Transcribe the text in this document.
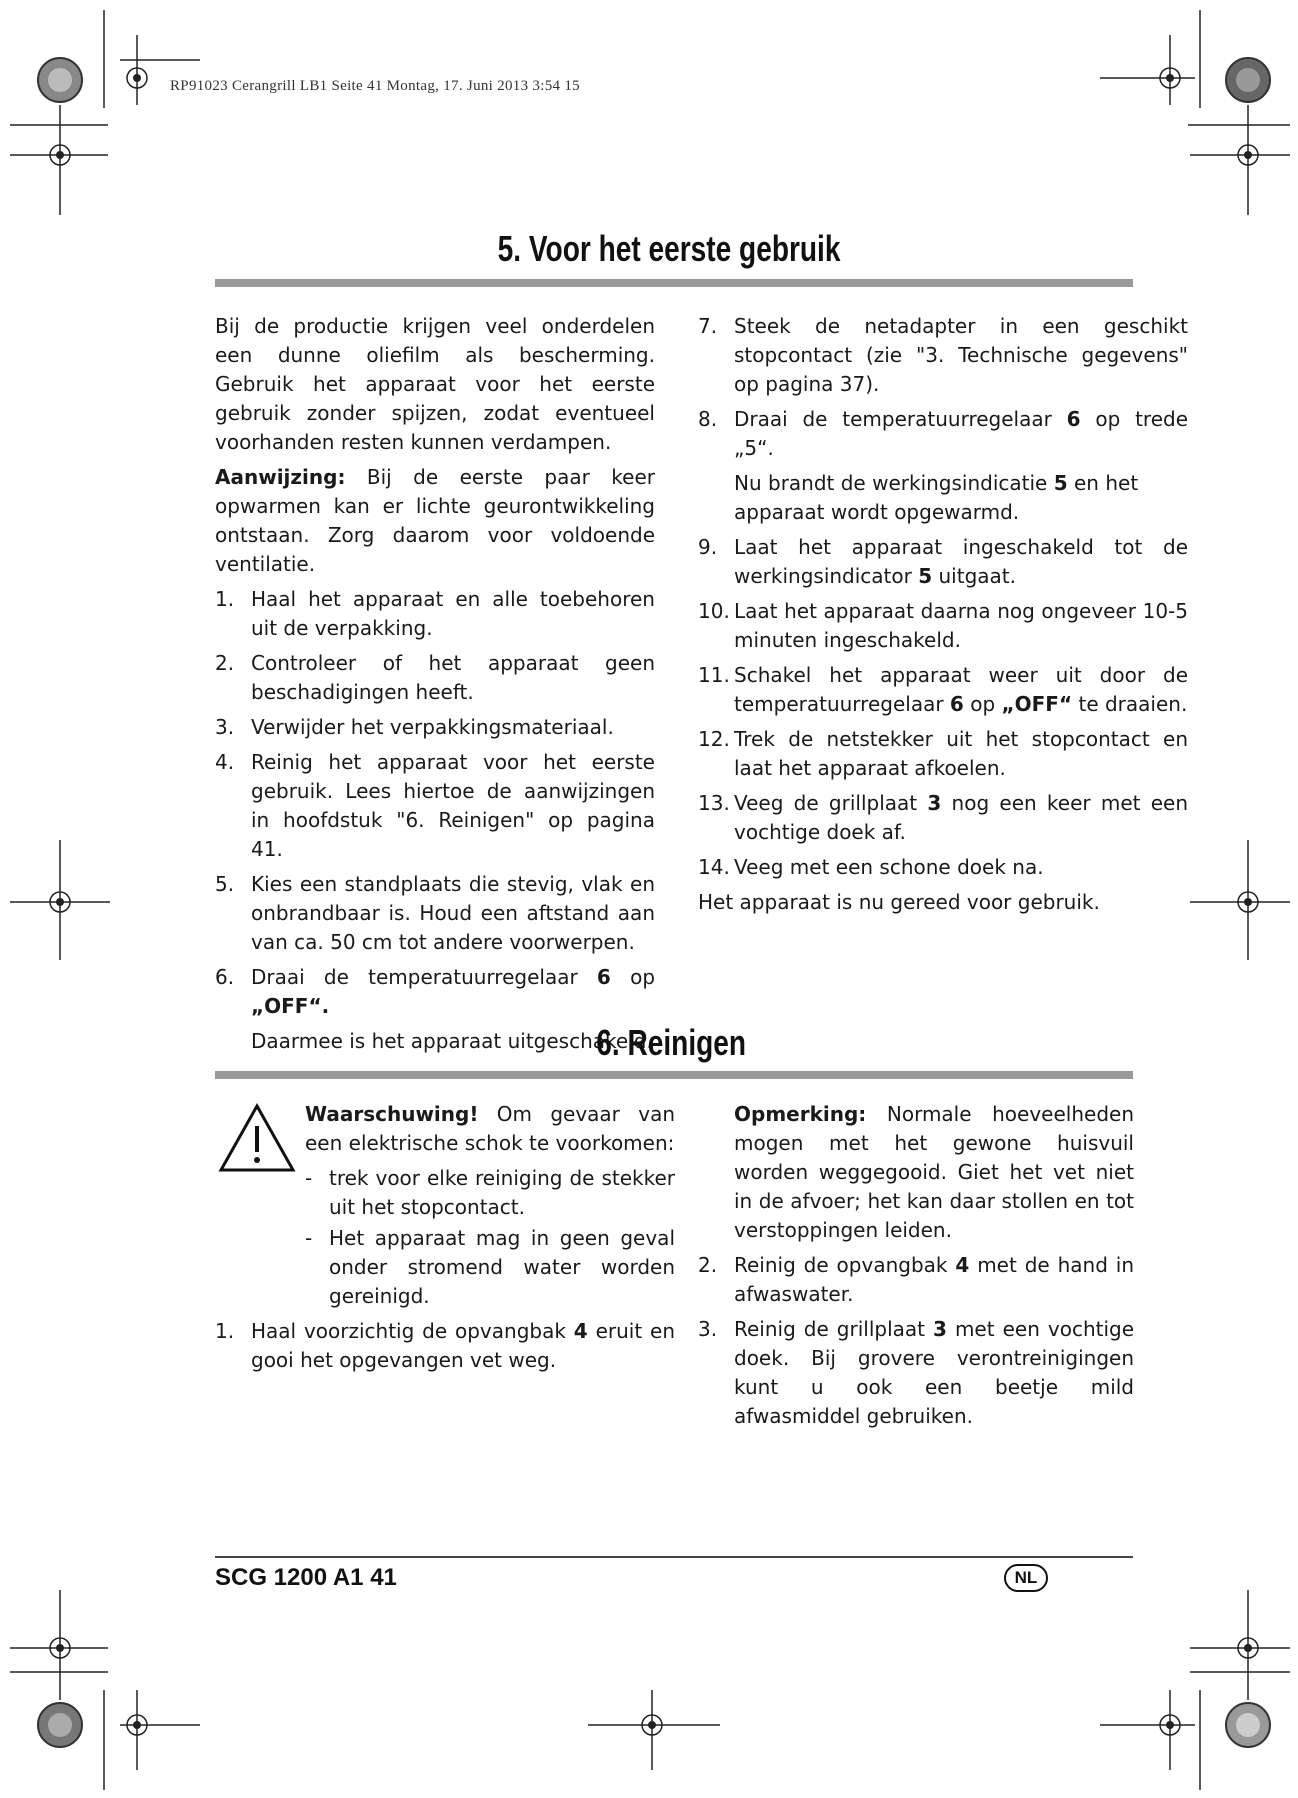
RP91023 Cerangrill LB1 Seite 41 Montag, 17. Juni 2013 3:54 15
5. Voor het eerste gebruik

Bij de productie krijgen veel onderdelen een dunne oliefilm als bescherming. Gebruik het apparaat voor het eerste gebruik zonder spijzen, zodat eventueel voorhanden resten kunnen verdampen.

Aanwijzing: Bij de eerste paar keer opwarmen kan er lichte geurontwikkeling ontstaan. Zorg daarom voor voldoende ventilatie.

1. Haal het apparaat en alle toebehoren uit de verpakking.
2. Controleer of het apparaat geen beschadigingen heeft.
3. Verwijder het verpakkingsmateriaal.
4. Reinig het apparaat voor het eerste gebruik. Lees hiertoe de aanwijzingen in hoofdstuk "6. Reinigen" op pagina 41.
5. Kies een standplaats die stevig, vlak en onbrandbaar is. Houd een aftstand aan van ca. 50 cm tot andere voorwerpen.
6. Draai de temperatuurregelaar 6 op „OFF“.
Daarmee is het apparaat uitgeschakeld.
7. Steek de netadapter in een geschikt stopcontact (zie "3. Technische gegevens" op pagina 37).
8. Draai de temperatuurregelaar 6 op trede „5“.
Nu brandt de werkingsindicatie 5 en het apparaat wordt opgewarmd.
9. Laat het apparaat ingeschakeld tot de werkingsindicator 5 uitgaat.
10. Laat het apparaat daarna nog ongeveer 10-5 minuten ingeschakeld.
11. Schakel het apparaat weer uit door de temperatuurregelaar 6 op „OFF“ te draaien.
12. Trek de netstekker uit het stopcontact en laat het apparaat afkoelen.
13. Veeg de grillplaat 3 nog een keer met een vochtige doek af.
14. Veeg met een schone doek na.

Het apparaat is nu gereed voor gebruik.

6. Reinigen

Waarschuwing! Om gevaar van een elektrische schok te voorkomen:

- trek voor elke reiniging de stekker uit het stopcontact.
- Het apparaat mag in geen geval onder stromend water worden gereinigd.
1. Haal voorzichtig de opvangbak 4 eruit en gooi het opgevangen vet weg.

Opmerking: Normale hoeveelheden mogen met het gewone huisvuil worden weggegooid. Giet het vet niet in de afvoer; het kan daar stollen en tot verstoppingen leiden.

2. Reinig de opvangbak 4 met de hand in afwaswater.
3. Reinig de grillplaat 3 met een vochtige doek. Bij grovere verontreinigingen kunt u ook een beetje mild afwasmiddel gebruiken.
SCG 1200 A1 41	NL
